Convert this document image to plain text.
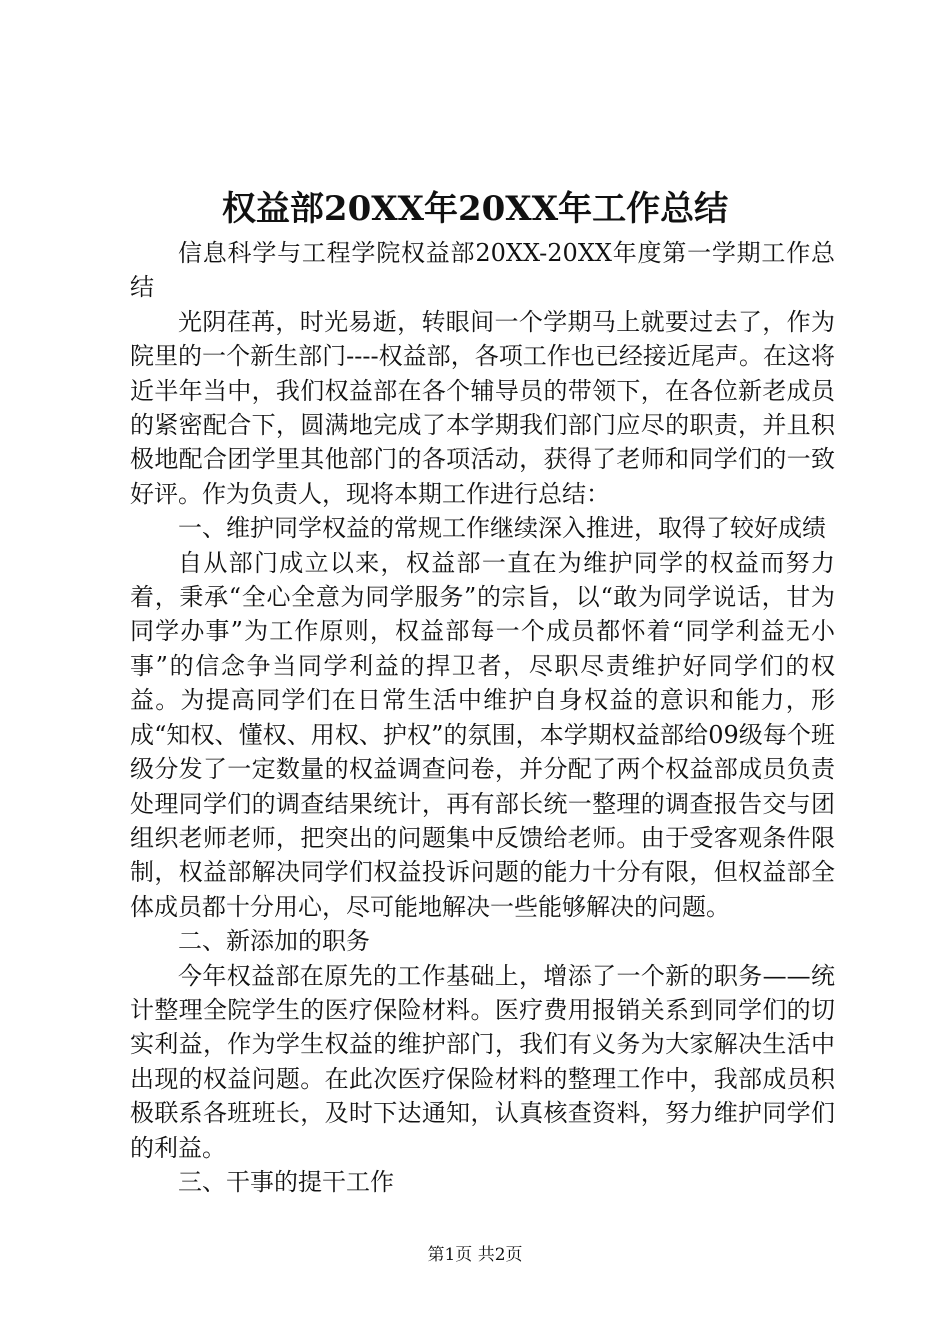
权益部20XX年20XX年工作总结

信息科学与工程学院权益部20XX-20XX年度第一学期工作总结

光阴荏苒，时光易逝，转眼间一个学期马上就要过去了，作为院里的一个新生部门----权益部，各项工作也已经接近尾声。在这将近半年当中，我们权益部在各个辅导员的带领下，在各位新老成员的紧密配合下，圆满地完成了本学期我们部门应尽的职责，并且积极地配合团学里其他部门的各项活动，获得了老师和同学们的一致好评。作为负责人，现将本期工作进行总结：

一、维护同学权益的常规工作继续深入推进，取得了较好成绩

自从部门成立以来，权益部一直在为维护同学的权益而努力着，秉承“全心全意为同学服务”的宗旨，以“敢为同学说话，甘为同学办事”为工作原则，权益部每一个成员都怀着“同学利益无小事”的信念争当同学利益的捍卫者，尽职尽责维护好同学们的权益。为提高同学们在日常生活中维护自身权益的意识和能力，形成“知权、懂权、用权、护权”的氛围，本学期权益部给09级每个班级分发了一定数量的权益调查问卷，并分配了两个权益部成员负责处理同学们的调查结果统计，再有部长统一整理的调查报告交与团组织老师老师，把突出的问题集中反馈给老师。由于受客观条件限制，权益部解决同学们权益投诉问题的能力十分有限，但权益部全体成员都十分用心，尽可能地解决一些能够解决的问题。

二、新添加的职务

今年权益部在原先的工作基础上，增添了一个新的职务——统计整理全院学生的医疗保险材料。医疗费用报销关系到同学们的切实利益，作为学生权益的维护部门，我们有义务为大家解决生活中出现的权益问题。在此次医疗保险材料的整理工作中，我部成员积极联系各班班长，及时下达通知，认真核查资料，努力维护同学们的利益。

三、干事的提干工作

第1页 共2页
